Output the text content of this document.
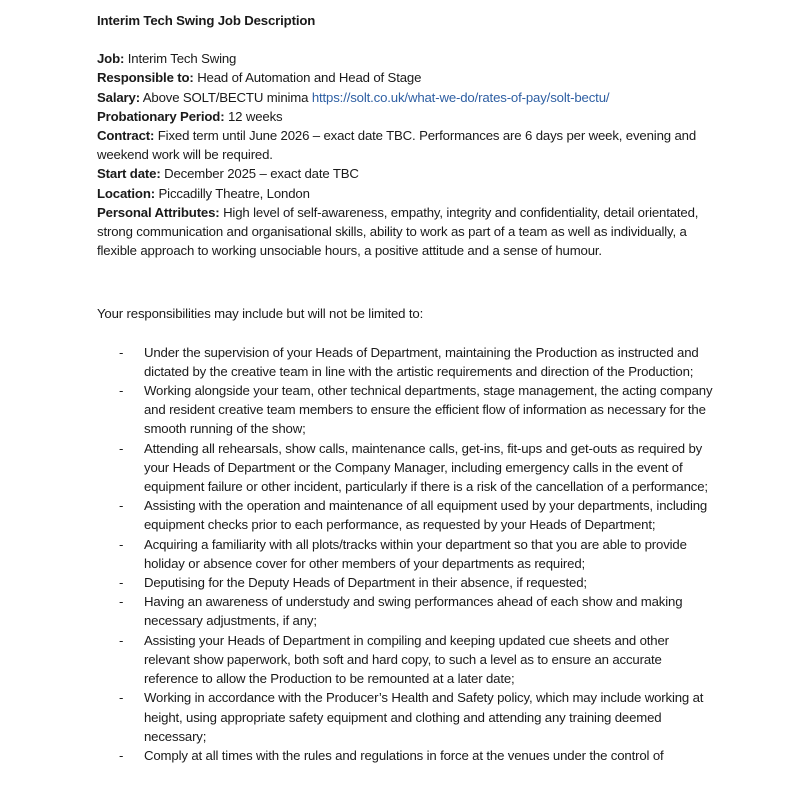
Interim Tech Swing Job Description
Job: Interim Tech Swing
Responsible to: Head of Automation and Head of Stage
Salary: Above SOLT/BECTU minima https://solt.co.uk/what-we-do/rates-of-pay/solt-bectu/
Probationary Period: 12 weeks
Contract: Fixed term until June 2026 – exact date TBC. Performances are 6 days per week, evening and weekend work will be required.
Start date: December 2025 – exact date TBC
Location: Piccadilly Theatre, London
Personal Attributes: High level of self-awareness, empathy, integrity and confidentiality, detail orientated, strong communication and organisational skills, ability to work as part of a team as well as individually, a flexible approach to working unsociable hours, a positive attitude and a sense of humour.
Your responsibilities may include but will not be limited to:
- Under the supervision of your Heads of Department, maintaining the Production as instructed and dictated by the creative team in line with the artistic requirements and direction of the Production;
- Working alongside your team, other technical departments, stage management, the acting company and resident creative team members to ensure the efficient flow of information as necessary for the smooth running of the show;
- Attending all rehearsals, show calls, maintenance calls, get-ins, fit-ups and get-outs as required by your Heads of Department or the Company Manager, including emergency calls in the event of equipment failure or other incident, particularly if there is a risk of the cancellation of a performance;
- Assisting with the operation and maintenance of all equipment used by your departments, including equipment checks prior to each performance, as requested by your Heads of Department;
- Acquiring a familiarity with all plots/tracks within your department so that you are able to provide holiday or absence cover for other members of your departments as required;
- Deputising for the Deputy Heads of Department in their absence, if requested;
- Having an awareness of understudy and swing performances ahead of each show and making necessary adjustments, if any;
- Assisting your Heads of Department in compiling and keeping updated cue sheets and other relevant show paperwork, both soft and hard copy, to such a level as to ensure an accurate reference to allow the Production to be remounted at a later date;
- Working in accordance with the Producer’s Health and Safety policy, which may include working at height, using appropriate safety equipment and clothing and attending any training deemed necessary;
- Comply at all times with the rules and regulations in force at the venues under the control of
